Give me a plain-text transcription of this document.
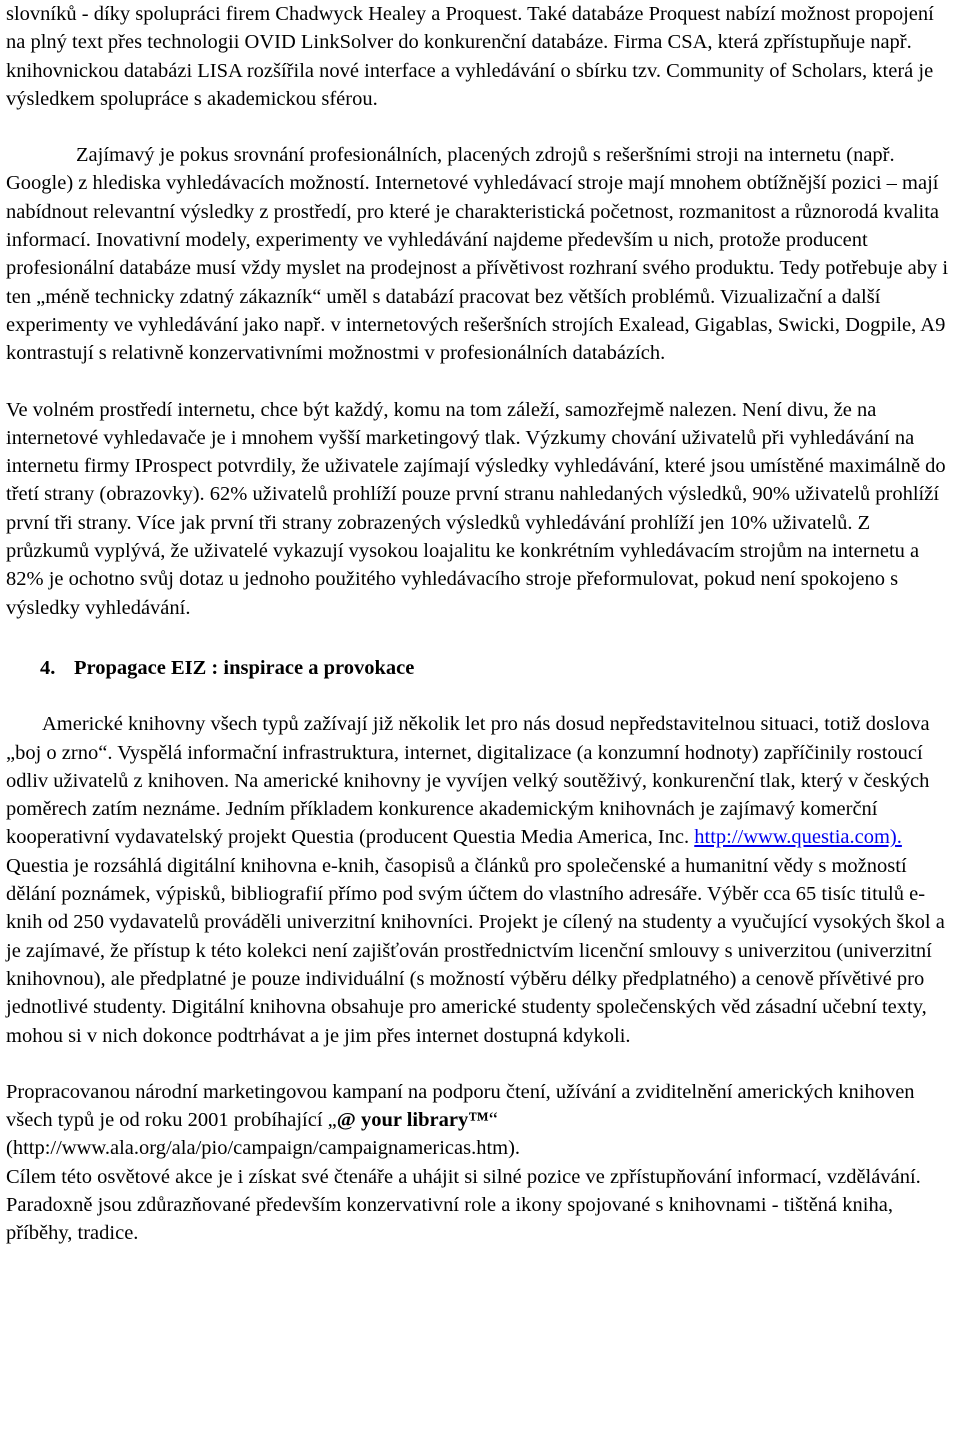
slovníků - díky spolupráci firem Chadwyck Healey a Proquest. Také databáze Proquest nabízí možnost propojení na plný text přes technologii OVID LinkSolver do konkurenční databáze. Firma CSA, která zpřístupňuje např. knihovnickou databázi LISA rozšířila nové interface a vyhledávání o sbírku tzv. Community of Scholars, která je výsledkem spolupráce s akademickou sférou.

Zajímavý je pokus srovnání profesionálních, placených zdrojů s rešeršními stroji na internetu (např. Google) z hlediska vyhledávacích možností. Internetové vyhledávací stroje mají mnohem obtížnější pozici – mají nabídnout relevantní výsledky z prostředí, pro které je charakteristická početnost, rozmanitost a různorodá kvalita informací. Inovativní modely, experimenty ve vyhledávání najdeme především u nich, protože producent profesionální databáze musí vždy myslet na prodejnost a přívětivost rozhraní svého produktu. Tedy potřebuje aby i ten „méně technicky zdatný zákazník“ uměl s databází pracovat bez větších problémů. Vizualizační a další experimenty ve vyhledávání jako např. v internetových rešeršních strojích Exalead, Gigablas, Swicki, Dogpile, A9 kontrastují s relativně konzervativními možnostmi v profesionálních databázích.

Ve volném prostředí internetu, chce být každý, komu na tom záleží, samozřejmě nalezen. Není divu, že na internetové vyhledavače je i mnohem vyšší marketingový tlak. Výzkumy chování uživatelů při vyhledávání na internetu firmy IProspect potvrdily, že uživatele zajímají výsledky vyhledávání, které jsou umístěné maximálně do třetí strany (obrazovky). 62% uživatelů prohlíží pouze první stranu nahledaných výsledků, 90% uživatelů prohlíží první tři strany. Více jak první tři strany zobrazených výsledků vyhledávání prohlíží jen 10% uživatelů. Z průzkumů vyplývá, že uživatelé vykazují vysokou loajalitu ke konkrétním vyhledávacím strojům na internetu a 82% je ochotno svůj dotaz u jednoho použitého vyhledávacího stroje přeformulovat, pokud není spokojeno s výsledky vyhledávání.

4. Propagace EIZ : inspirace a provokace

Americké knihovny všech typů zažívají již několik let pro nás dosud nepředstavitelnou situaci, totiž doslova „boj o zrno“. Vyspělá informační infrastruktura, internet, digitalizace (a konzumní hodnoty) zapříčinily rostoucí odliv uživatelů z knihoven. Na americké knihovny je vyvíjen velký soutěživý, konkurenční tlak, který v českých poměrech zatím neznáme. Jedním příkladem konkurence akademickým knihovnách je zajímavý komerční kooperativní vydavatelský projekt Questia (producent Questia Media America, Inc. http://www.questia.com). Questia je rozsáhlá digitální knihovna e-knih, časopisů a článků pro společenské a humanitní vědy s možností dělání poznámek, výpisků, bibliografií přímo pod svým účtem do vlastního adresáře. Výběr cca 65 tisíc titulů e-knih od 250 vydavatelů prováděli univerzitní knihovníci. Projekt je cílený na studenty a vyučující vysokých škol a je zajímavé, že přístup k této kolekci není zajišťován prostřednictvím licenční smlouvy s univerzitou (univerzitní knihovnou), ale předplatné je pouze individuální (s možností výběru délky předplatného) a cenově přívětivé pro jednotlivé studenty. Digitální knihovna obsahuje pro americké studenty společenských věd zásadní učební texty, mohou si v nich dokonce podtrhávat a je jim přes internet dostupná kdykoli.

Propracovanou národní marketingovou kampaní na podporu čtení, užívání a zviditelnění amerických knihoven všech typů je od roku 2001 probíhající „@ your library™“ (http://www.ala.org/ala/pio/campaign/campaignamericas.htm).

Cílem této osvětové akce je i získat své čtenáře a uhájit si silné pozice ve zpřístupňování informací, vzdělávání. Paradoxně jsou zdůrazňované především konzervativní role a ikony spojované s knihovnami - tištěná kniha, příběhy, tradice.
